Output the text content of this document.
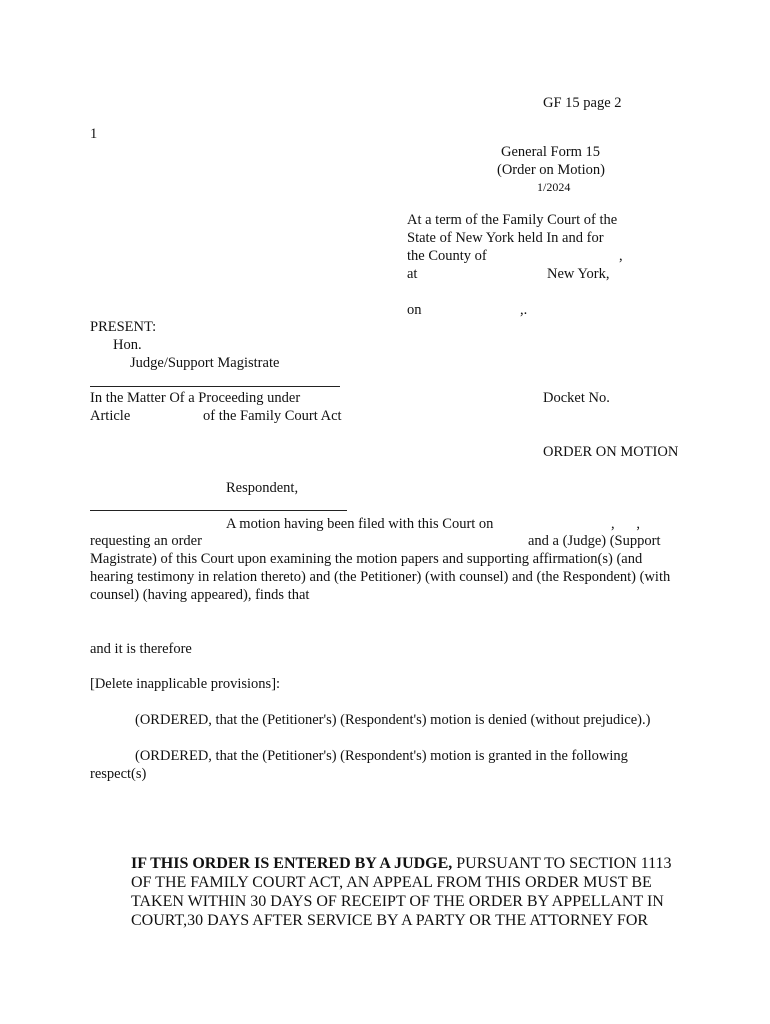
GF 15 page 2
1
General Form 15
(Order on Motion)
1/2024
At a term of the Family Court of the
State of New York held In and for
the County of	,
at	New York,
on	,.
PRESENT:
Hon.
Judge/Support Magistrate
In the Matter Of a Proceeding under
Article	of the Family Court Act
Docket No.
ORDER ON MOTION
Respondent,
A motion having been filed with this Court on	,      ,
requesting an order	and a (Judge) (Support
Magistrate) of this Court upon examining the motion papers and supporting affirmation(s) (and
hearing testimony in relation thereto) and (the Petitioner) (with counsel) and (the Respondent) (with
counsel) (having appeared), finds that
and it is therefore
[Delete inapplicable provisions]:
(ORDERED, that the (Petitioner's) (Respondent's) motion is denied (without prejudice).)
(ORDERED, that the (Petitioner's) (Respondent's) motion is granted in the following
respect(s)
IF THIS ORDER IS ENTERED BY A JUDGE, PURSUANT TO SECTION 1113
OF THE FAMILY COURT ACT, AN APPEAL FROM THIS ORDER MUST BE
TAKEN WITHIN 30 DAYS OF RECEIPT OF THE ORDER BY APPELLANT IN
COURT,30 DAYS AFTER SERVICE BY A PARTY OR THE ATTORNEY FOR
